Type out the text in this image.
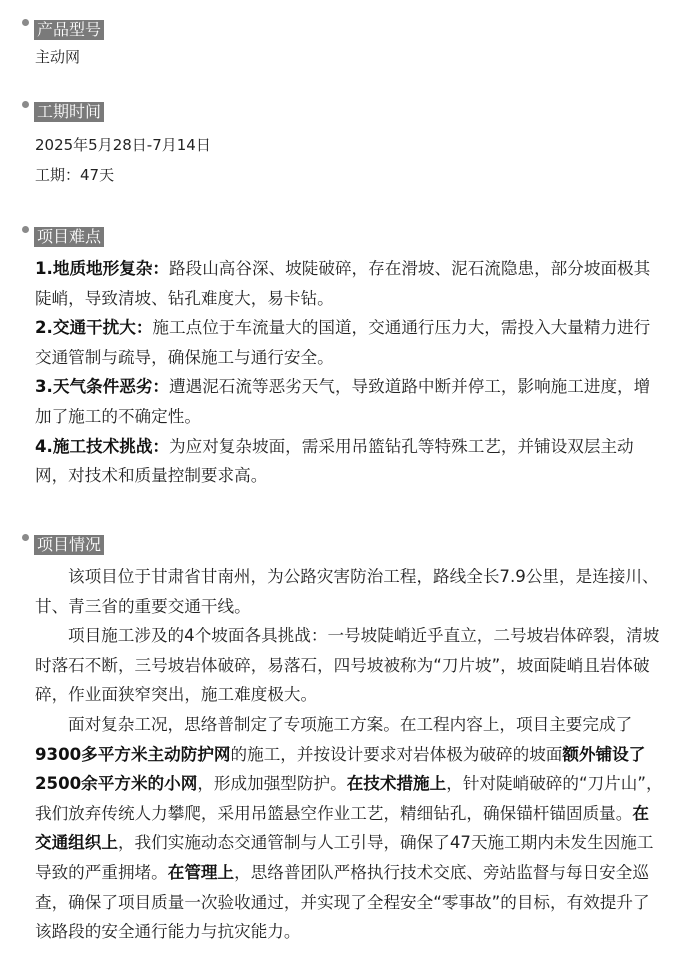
产品型号
主动网
工期时间
2025年5月28日-7月14日
工期：47天
项目难点

1.地质地形复杂：路段山高谷深、坡陡破碎，存在滑坡、泥石流隐患，部分坡面极其陡峭，导致清坡、钻孔难度大，易卡钻。

2.交通干扰大：施工点位于车流量大的国道，交通通行压力大，需投入大量精力进行交通管制与疏导，确保施工与通行安全。

3.天气条件恶劣：遭遇泥石流等恶劣天气，导致道路中断并停工，影响施工进度，增加了施工的不确定性。

4.施工技术挑战：为应对复杂坡面，需采用吊篮钻孔等特殊工艺，并铺设双层主动网，对技术和质量控制要求高。

项目情况

该项目位于甘肃省甘南州，为公路灾害防治工程，路线全长7.9公里，是连接川、甘、青三省的重要交通干线。

项目施工涉及的4个坡面各具挑战：一号坡陡峭近乎直立，二号坡岩体碎裂，清坡时落石不断，三号坡岩体破碎，易落石，四号坡被称为“刀片坡”，坡面陡峭且岩体破碎，作业面狭窄突出，施工难度极大。

面对复杂工况，思络普制定了专项施工方案。在工程内容上，项目主要完成了9300多平方米主动防护网的施工，并按设计要求对岩体极为破碎的坡面额外铺设了2500余平方米的小网，形成加强型防护。在技术措施上，针对陡峭破碎的“刀片山”，我们放弃传统人力攀爬，采用吊篮悬空作业工艺，精细钻孔，确保锚杆锚固质量。在交通组织上，我们实施动态交通管制与人工引导，确保了47天施工期内未发生因施工导致的严重拥堵。在管理上，思络普团队严格执行技术交底、旁站监督与每日安全巡查，确保了项目质量一次验收通过，并实现了全程安全“零事故”的目标，有效提升了该路段的安全通行能力与抗灾能力。
